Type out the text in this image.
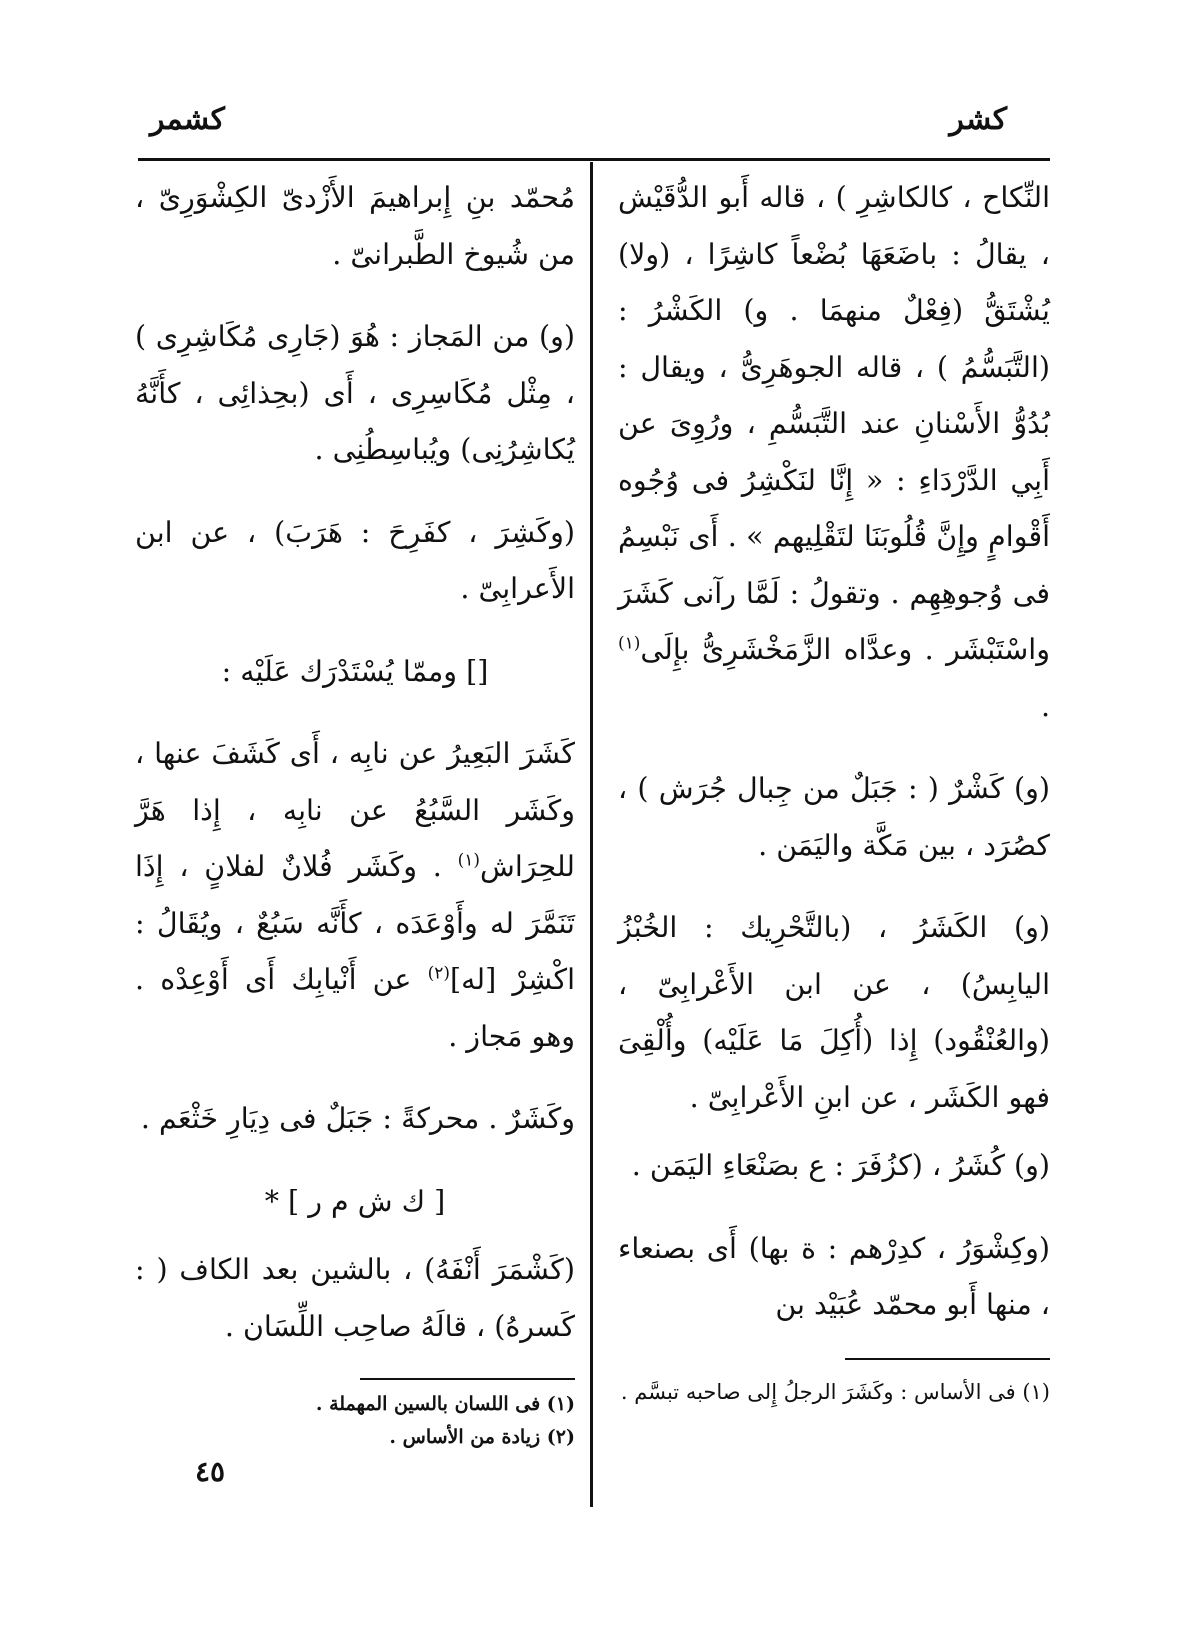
كشر
كشمر

النِّكاح ، كالكاشِرِ ) ، قاله أَبو الدُّقَيْش ، يقالُ : باضَعَهَا بُضْعاً كاشِرًا ، (ولا) يُشْتَقُّ (فِعْلٌ منهمَا . و) الكَشْرُ : (التَّبَسُّمُ ) ، قاله الجوهَرِىُّ ، ويقال : بُدُوُّ الأَسْنانِ عند التَّبَسُّمِ ، ورُوِىَ عن أَبِي الدَّرْدَاءِ : « إِنَّا لنَكْشِرُ فى وُجُوه أَقْوامٍ وإِنَّ قُلُوبَنَا لتَقْلِيهم » . أَى نَبْسِمُ فى وُجوهِهِم . وتقولُ : لَمَّا رآنى كَشَرَ واسْتَبْشَر . وعدَّاه الزَّمَخْشَرِىُّ بإِلَى$^{(١)}$ .

(و) كَشْرٌ ( : جَبَلٌ من جِبال جُرَش ) ، كصُرَد ، بين مَكَّة واليَمَن .

(و) الكَشَرُ ، (بالتَّحْرِيك : الخُبْزُ اليابِسُ) ، عن ابن الأَعْرابِىّ ، (والعُنْقُود) إِذا (أُكِلَ مَا عَلَيْه) وأُلْقِىَ فهو الكَشَر ، عن ابنِ الأَعْرابِىّ .

(و) كُشَرُ ، (كزُفَرَ : ع بصَنْعَاءِ اليَمَن .

(وكِشْوَرُ ، كدِرْهم : ة بها) أَى بصنعاء ، منها أَبو محمّد عُبَيْد بن

مُحمّد بنِ إِبراهيمَ الأَزْدىّ الكِشْوَرِىّ ، من شُيوخ الطَّبرانىّ .

(و) من المَجاز : هُوَ (جَارِى مُكَاشِرِى ) ، مِثْل مُكَاسِرِى ، أَى (بحِذائِى ، كأَنَّهُ يُكاشِرُنِى) ويُباسِطُنِى .

(وكَشِرَ ، كفَرِحَ : هَرَبَ) ، عن ابن الأَعرابِىّ .

[] وممّا يُسْتَدْرَك عَلَيْه :

كَشَرَ البَعِيرُ عن نابِه ، أَى كَشَفَ عنها ، وكَشَر السَّبُعُ عن نابِه ، إِذا هَرَّ للحِرَاش$^{(١)}$ . وكَشَر فُلانٌ لفلانٍ ، إِذَا تَنَمَّرَ له وأَوْعَدَه ، كأَنَّه سَبُعٌ ، ويُقَالُ : اكْشِرْ [له]$^{(٢)}$ عن أَنْيابِك أَى أَوْعِدْه . وهو مَجاز .

وكَشَرٌ . محركةً : جَبَلٌ فى دِيَارِ خَثْعَم .

[ ك ش م ر ] *

(كَشْمَرَ أَنْفَهُ) ، بالشين بعد الكاف ( : كَسرهُ) ، قالَهُ صاحِب اللِّسَان .

(١) فى الأساس : وكَشَرَ الرجلُ إِلى صاحبه تبسَّم .

(١) فى اللسان بالسين المهملة .

(٢) زيادة من الأساس .

٤٥
